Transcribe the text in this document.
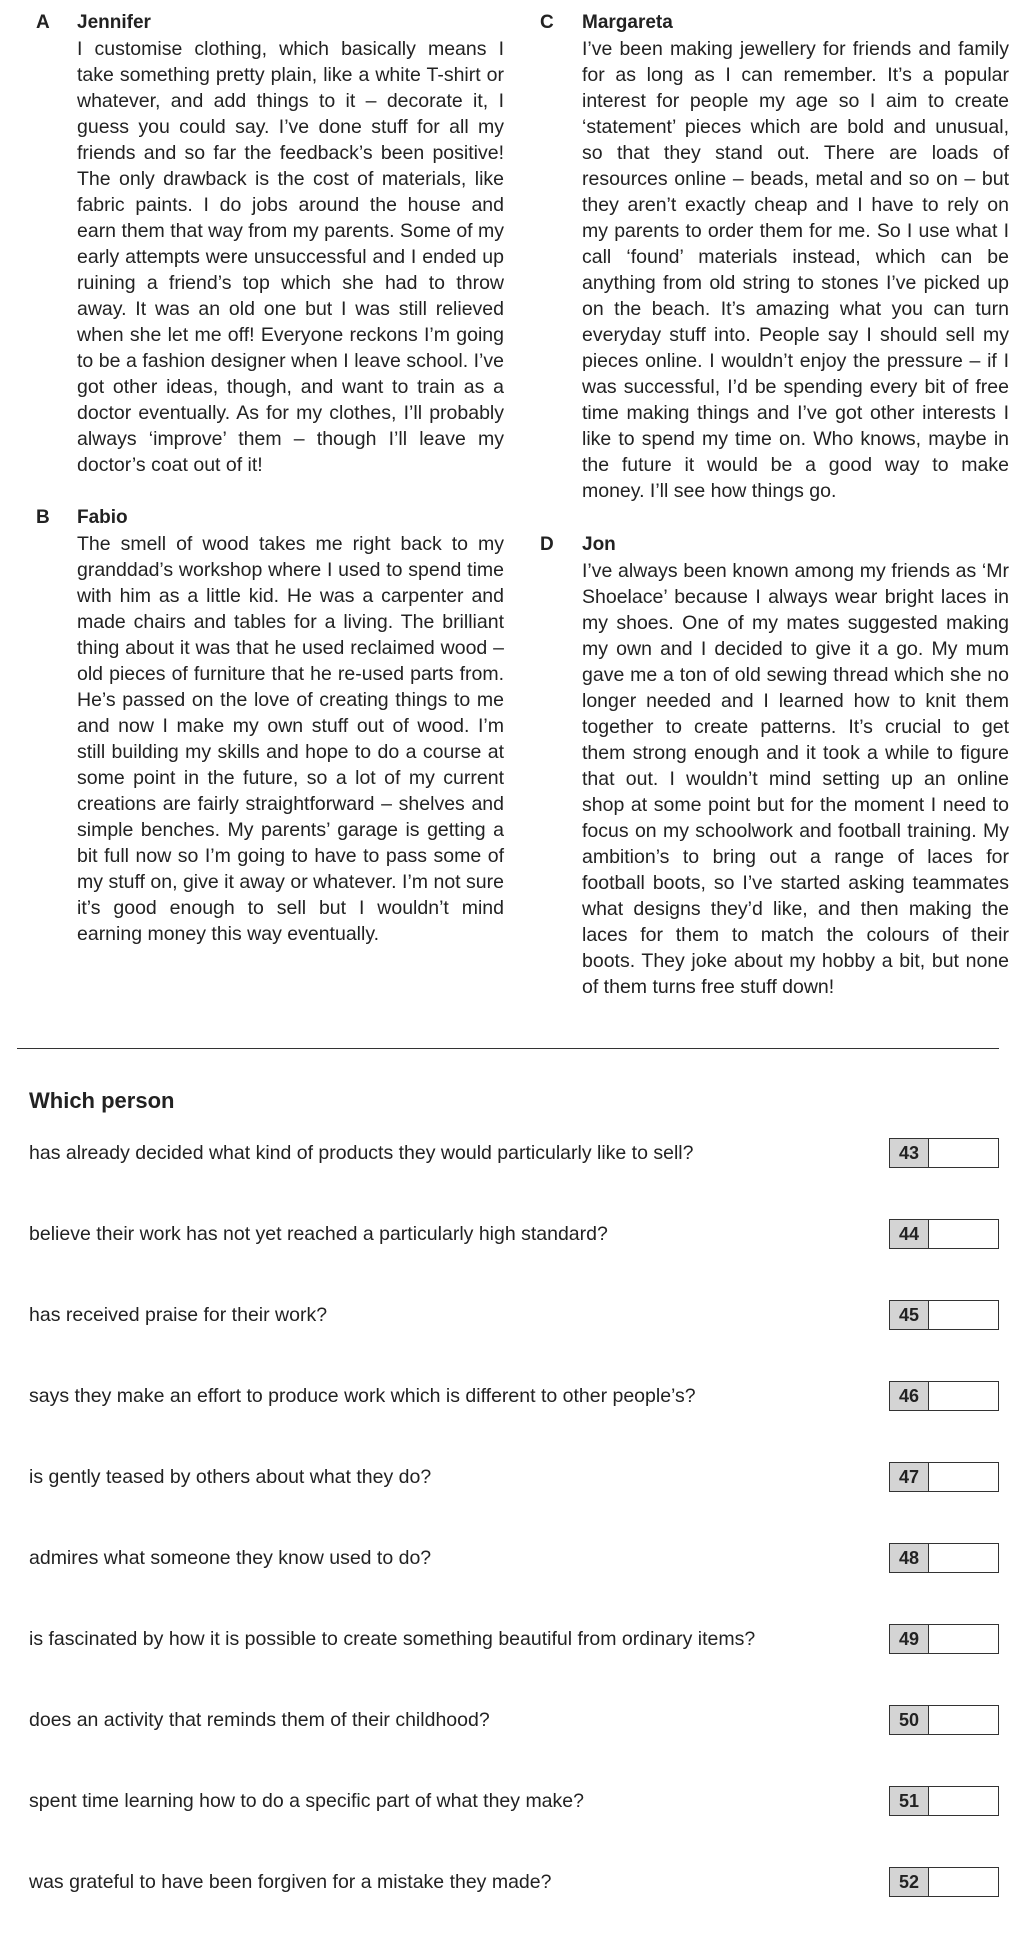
A Jennifer

I customise clothing, which basically means I take something pretty plain, like a white T-shirt or whatever, and add things to it – decorate it, I guess you could say. I’ve done stuff for all my friends and so far the feedback’s been positive! The only drawback is the cost of materials, like fabric paints. I do jobs around the house and earn them that way from my parents. Some of my early attempts were unsuccessful and I ended up ruining a friend’s top which she had to throw away. It was an old one but I was still relieved when she let me off! Everyone reckons I’m going to be a fashion designer when I leave school. I’ve got other ideas, though, and want to train as a doctor eventually. As for my clothes, I’ll probably always ‘improve’ them – though I’ll leave my doctor’s coat out of it!

B Fabio

The smell of wood takes me right back to my granddad’s workshop where I used to spend time with him as a little kid. He was a carpenter and made chairs and tables for a living. The brilliant thing about it was that he used reclaimed wood – old pieces of furniture that he re-used parts from. He’s passed on the love of creating things to me and now I make my own stuff out of wood. I’m still building my skills and hope to do a course at some point in the future, so a lot of my current creations are fairly straightforward – shelves and simple benches. My parents’ garage is getting a bit full now so I’m going to have to pass some of my stuff on, give it away or whatever. I’m not sure it’s good enough to sell but I wouldn’t mind earning money this way eventually.

C Margareta

I’ve been making jewellery for friends and family for as long as I can remember. It’s a popular interest for people my age so I aim to create ‘statement’ pieces which are bold and unusual, so that they stand out. There are loads of resources online – beads, metal and so on – but they aren’t exactly cheap and I have to rely on my parents to order them for me. So I use what I call ‘found’ materials instead, which can be anything from old string to stones I’ve picked up on the beach. It’s amazing what you can turn everyday stuff into. People say I should sell my pieces online. I wouldn’t enjoy the pressure – if I was successful, I’d be spending every bit of free time making things and I’ve got other interests I like to spend my time on. Who knows, maybe in the future it would be a good way to make money. I’ll see how things go.

D Jon

I’ve always been known among my friends as ‘Mr Shoelace’ because I always wear bright laces in my shoes. One of my mates suggested making my own and I decided to give it a go. My mum gave me a ton of old sewing thread which she no longer needed and I learned how to knit them together to create patterns. It’s crucial to get them strong enough and it took a while to figure that out. I wouldn’t mind setting up an online shop at some point but for the moment I need to focus on my schoolwork and football training. My ambition’s to bring out a range of laces for football boots, so I’ve started asking teammates what designs they’d like, and then making the laces for them to match the colours of their boots. They joke about my hobby a bit, but none of them turns free stuff down!

Which person
has already decided what kind of products they would particularly like to sell?	43
believe their work has not yet reached a particularly high standard?	44
has received praise for their work?	45
says they make an effort to produce work which is different to other people’s?	46
is gently teased by others about what they do?	47
admires what someone they know used to do?	48
is fascinated by how it is possible to create something beautiful from ordinary items?	49
does an activity that reminds them of their childhood?	50
spent time learning how to do a specific part of what they make?	51
was grateful to have been forgiven for a mistake they made?	52
